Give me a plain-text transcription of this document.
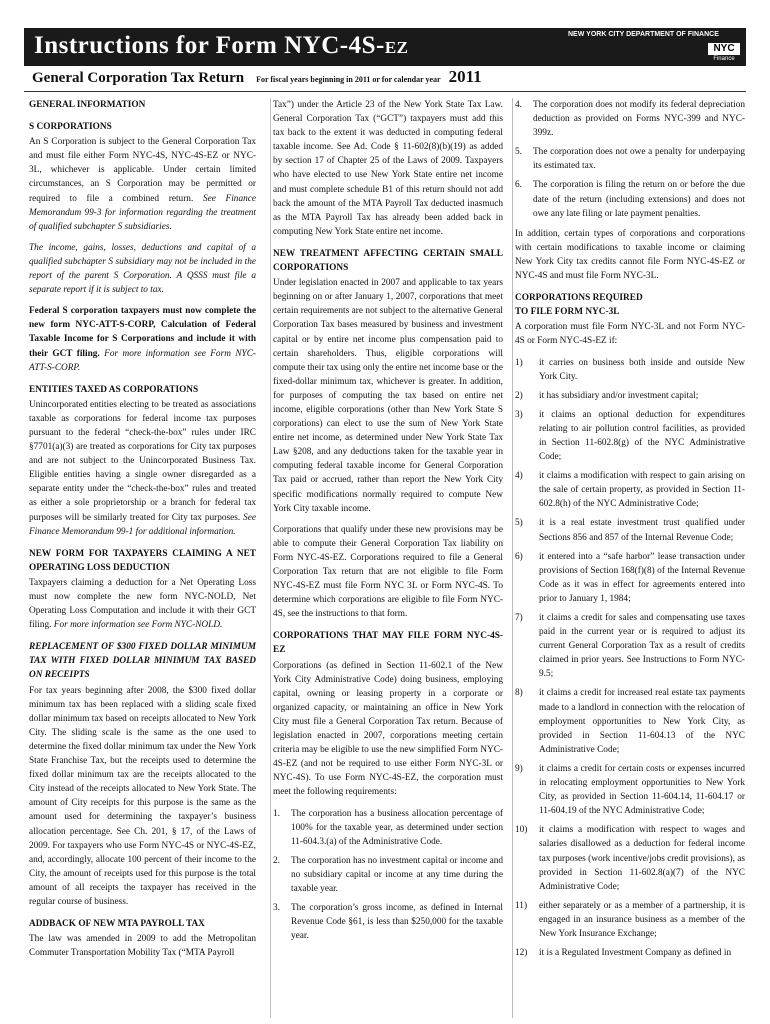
Instructions for Form NYC-4S-EZ
NEW YORK CITY DEPARTMENT OF FINANCE
NYC
Finance
General Corporation Tax Return For fiscal years beginning in 2011 or for calendar year 2011
GENERAL INFORMATION
S CORPORATIONS

An S Corporation is subject to the General Corporation Tax and must file either Form NYC-4S, NYC-4S-EZ or NYC-3L, whichever is applicable. Under certain limited circumstances, an S Corporation may be permitted or required to file a combined return. See Finance Memorandum 99-3 for information regarding the treatment of qualified subchapter S subsidiaries.

The income, gains, losses, deductions and capital of a qualified subchapter S subsidiary may not be included in the report of the parent S Corporation. A QSSS must file a separate report if it is subject to tax.

Federal S corporation taxpayers must now complete the new form NYC-ATT-S-CORP, Calculation of Federal Taxable Income for S Corporations and include it with their GCT filing. For more information see Form NYC-ATT-S-CORP.

ENTITIES TAXED AS CORPORATIONS

Unincorporated entities electing to be treated as associations taxable as corporations for federal income tax purposes pursuant to the federal “check-the-box” rules under IRC §7701(a)(3) are treated as corporations for City tax purposes and are not subject to the Unincorporated Business Tax. Eligible entities having a single owner disregarded as a separate entity under the “check-the-box” rules and treated as either a sole proprietorship or a branch for federal tax purposes will be similarly treated for City tax purposes. See Finance Memorandum 99-1 for additional information.

NEW FORM FOR TAXPAYERS CLAIMING A NET OPERATING LOSS DEDUCTION

Taxpayers claiming a deduction for a Net Operating Loss must now complete the new form NYC-NOLD, Net Operating Loss Computation and include it with their GCT filing. For more information see Form NYC-NOLD.

REPLACEMENT OF $300 FIXED DOLLAR MINIMUM TAX WITH FIXED DOLLAR MINIMUM TAX BASED ON RECEIPTS

For tax years beginning after 2008, the $300 fixed dollar minimum tax has been replaced with a sliding scale fixed dollar minimum tax based on receipts allocated to New York City. The sliding scale is the same as the one used to determine the fixed dollar minimum tax under the New York State Franchise Tax, but the receipts used to determine the fixed dollar minimum tax are the receipts allocated to the City instead of the receipts allocated to New York State. The amount of City receipts for this purpose is the same as the amount used for determining the taxpayer’s business allocation percentage. See Ch. 201, § 17, of the Laws of 2009. For taxpayers who use Form NYC-4S or NYC-4S-EZ, and, accordingly, allocate 100 percent of their income to the City, the amount of receipts used for this purpose is the total amount of all receipts the taxpayer has received in the regular course of business.

ADDBACK OF NEW MTA PAYROLL TAX

The law was amended in 2009 to add the Metropolitan Commuter Transportation Mobility Tax (“MTA Payroll

Tax”) under the Article 23 of the New York State Tax Law. General Corporation Tax (“GCT”) taxpayers must add this tax back to the extent it was deducted in computing federal taxable income. See Ad. Code § 11-602(8)(b)(19) as added by section 17 of Chapter 25 of the Laws of 2009. Taxpayers who have elected to use New York State entire net income and must complete schedule B1 of this return should not add back the amount of the MTA Payroll Tax deducted inasmuch as the MTA Payroll Tax has already been added back in computing New York State entire net income.

NEW TREATMENT AFFECTING CERTAIN SMALL CORPORATIONS

Under legislation enacted in 2007 and applicable to tax years beginning on or after January 1, 2007, corporations that meet certain requirements are not subject to the alternative General Corporation Tax bases measured by business and investment capital or by entire net income plus compensation paid to certain shareholders. Thus, eligible corporations will compute their tax using only the entire net income base or the fixed-dollar minimum tax, whichever is greater. In addition, for purposes of computing the tax based on entire net income, eligible corporations (other than New York State S corporations) can elect to use the sum of New York State entire net income, as determined under New York State Tax Law §208, and any deductions taken for the taxable year in computing federal taxable income for General Corporation Tax paid or accrued, rather than report the New York City specific modifications normally required to compute New York City taxable income.

Corporations that qualify under these new provisions may be able to compute their General Corporation Tax liability on Form NYC-4S-EZ. Corporations required to file a General Corporation Tax return that are not eligible to file Form NYC-4S-EZ must file Form NYC 3L or Form NYC-4S. To determine which corporations are eligible to file Form NYC-4S, see the instructions to that form.

CORPORATIONS THAT MAY FILE FORM NYC-4S-EZ

Corporations (as defined in Section 11-602.1 of the New York City Administrative Code) doing business, employing capital, owning or leasing property in a corporate or organized capacity, or maintaining an office in New York City must file a General Corporation Tax return. Because of legislation enacted in 2007, corporations meeting certain criteria may be eligible to use the new simplified Form NYC-4S-EZ (and not be required to use either Form NYC-3L or NYC-4S). To use Form NYC-4S-EZ, the corporation must meet the following requirements:

1.	The corporation has a business allocation percentage of 100% for the taxable year, as determined under section 11-604.3.(a) of the Administrative Code.
2.	The corporation has no investment capital or income and no subsidiary capital or income at any time during the taxable year.
3.	The corporation’s gross income, as defined in Internal Revenue Code §61, is less than $250,000 for the taxable year.
4.	The corporation does not modify its federal depreciation deduction as provided on Forms NYC-399 and NYC-399z.
5.	The corporation does not owe a penalty for underpaying its estimated tax.
6.	The corporation is filing the return on or before the due date of the return (including extensions) and does not owe any late filing or late payment penalties.

In addition, certain types of corporations and corporations with certain modifications to taxable income or claiming New York City tax credits cannot file Form NYC-4S-EZ or NYC-4S and must file Form NYC-3L.

CORPORATIONS REQUIRED
TO FILE FORM NYC-3L

A corporation must file Form NYC-3L and not Form NYC-4S or Form NYC-4S-EZ if:

1)	it carries on business both inside and outside New York City.
2)	it has subsidiary and/or investment capital;
3)	it claims an optional deduction for expenditures relating to air pollution control facilities, as provided in Section 11-602.8(g) of the NYC Administrative Code;
4)	it claims a modification with respect to gain arising on the sale of certain property, as provided in Section 11-602.8(h) of the NYC Administrative Code;
5)	it is a real estate investment trust qualified under Sections 856 and 857 of the Internal Revenue Code;
6)	it entered into a “safe harbor” lease transaction under provisions of Section 168(f)(8) of the Internal Revenue Code as it was in effect for agreements entered into prior to January 1, 1984;
7)	it claims a credit for sales and compensating use taxes paid in the current year or is required to adjust its current General Corporation Tax as a result of credits claimed in prior years. See Instructions to Form NYC-9.5;
8)	it claims a credit for increased real estate tax payments made to a landlord in connection with the relocation of employment opportunities to New York City, as provided in Section 11-604.13 of the NYC Administrative Code;
9)	it claims a credit for certain costs or expenses incurred in relocating employment opportunities to New York City, as provided in Section 11-604.14, 11-604.17 or 11-604.19 of the NYC Administrative Code;
10)	it claims a modification with respect to wages and salaries disallowed as a deduction for federal income tax purposes (work incentive/jobs credit provisions), as provided in Section 11-602.8(a)(7) of the NYC Administrative Code;
11)	either separately or as a member of a partnership, it is engaged in an insurance business as a member of the New York Insurance Exchange;
12)	it is a Regulated Investment Company as defined in
